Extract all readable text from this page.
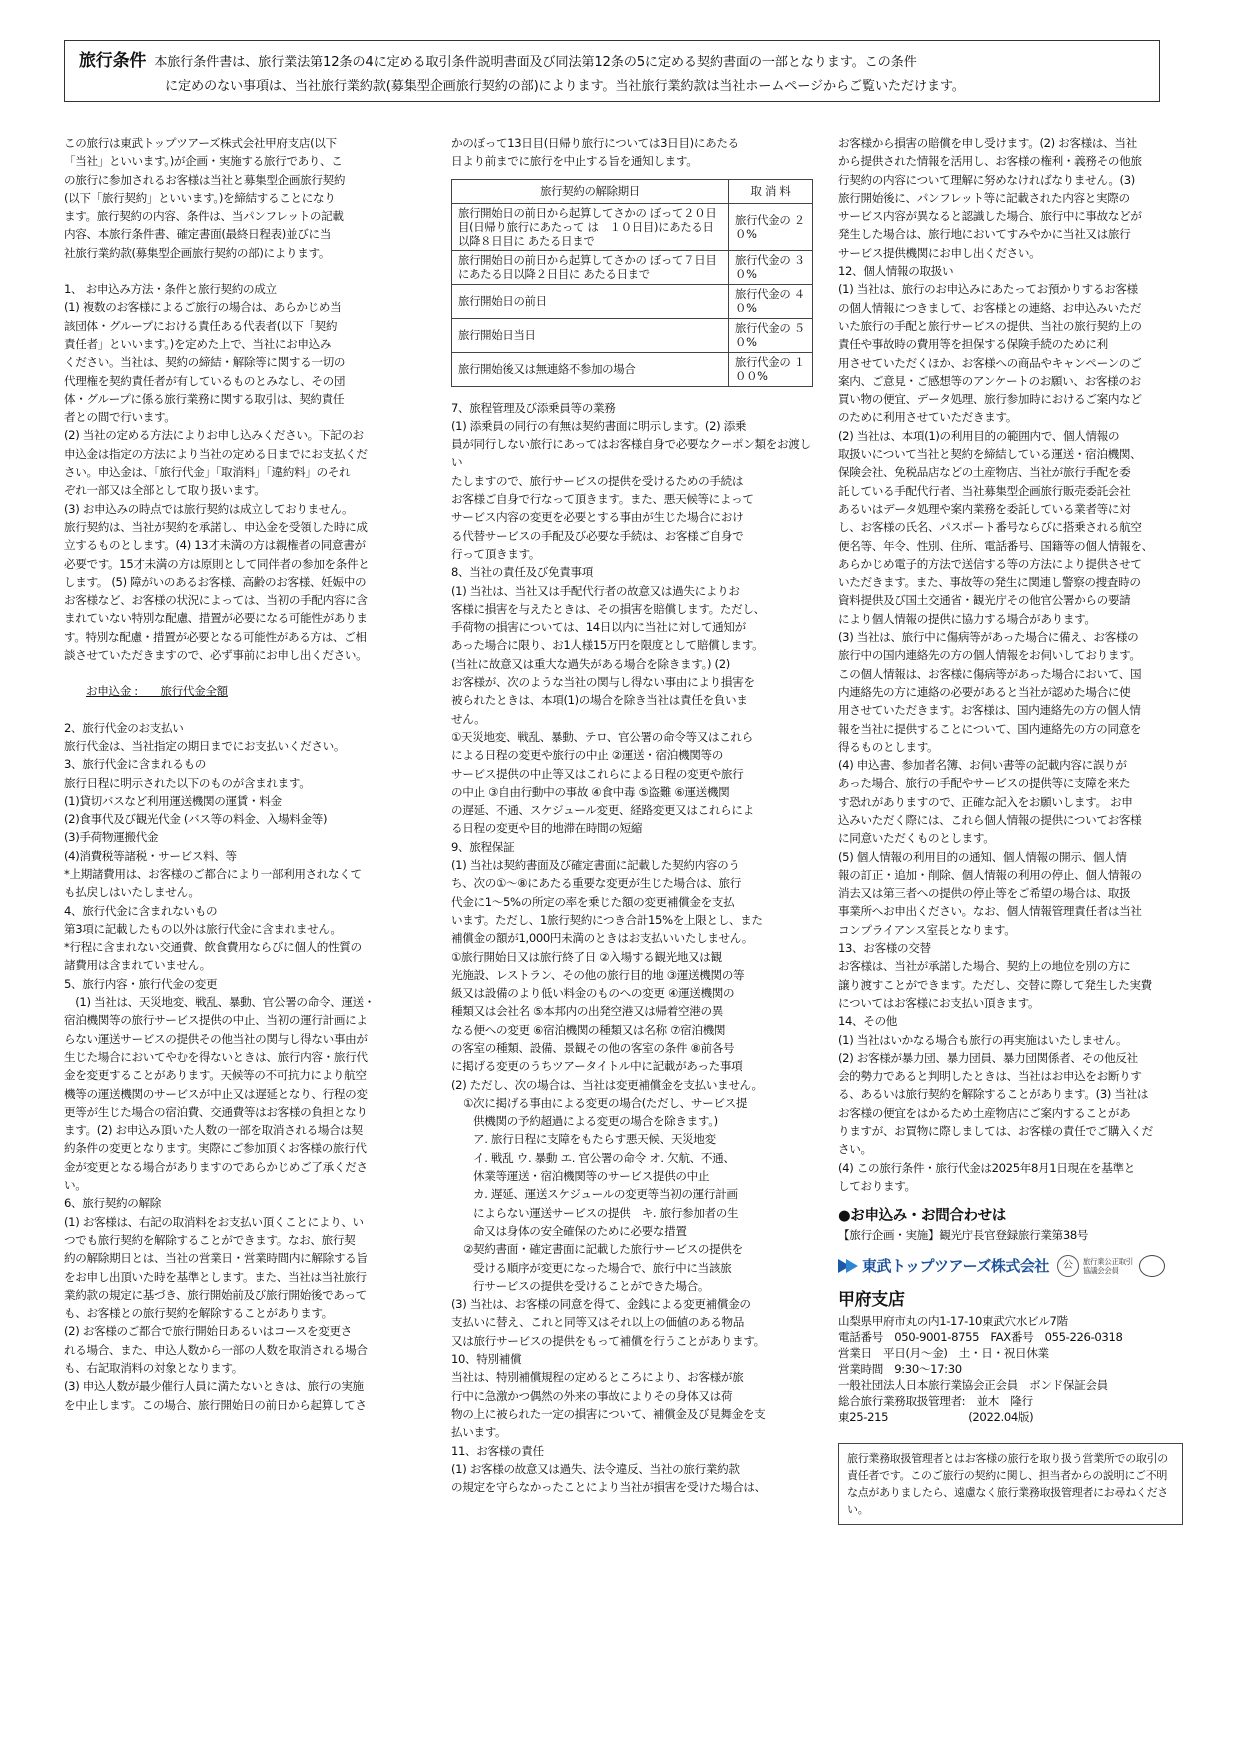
旅行条件 本旅行条件書は、旅行業法第12条の4に定める取引条件説明書面及び同法第12条の5に定める契約書面の一部となります。この条件
に定めのない事項は、当社旅行業約款(募集型企画旅行契約の部)によります。当社旅行業約款は当社ホームページからご覧いただけます。

この旅行は東武トップツアーズ株式会社甲府支店(以下

「当社」といいます。)が企画・実施する旅行であり、こ

の旅行に参加されるお客様は当社と募集型企画旅行契約

(以下「旅行契約」といいます。)を締結することになり

ます。旅行契約の内容、条件は、当パンフレットの記載

内容、本旅行条件書、確定書面(最終日程表)並びに当

社旅行業約款(募集型企画旅行契約の部)によります。

1、 お申込み方法・条件と旅行契約の成立

(1) 複数のお客様によるご旅行の場合は、あらかじめ当

該団体・グループにおける責任ある代表者(以下「契約

責任者」といいます。)を定めた上で、当社にお申込み

ください。当社は、契約の締結・解除等に関する一切の

代理権を契約責任者が有しているものとみなし、その団

体・グループに係る旅行業務に関する取引は、契約責任

者との間で行います。

(2) 当社の定める方法によりお申し込みください。下記のお

申込金は指定の方法により当社の定める日までにお支払くだ

さい。申込金は、「旅行代金」「取消料」「違約料」のそれ

ぞれ一部又は全部として取り扱います。

(3) お申込みの時点では旅行契約は成立しておりません。

旅行契約は、当社が契約を承諾し、申込金を受領した時に成

立するものとします。(4) 13才未満の方は親権者の同意書が

必要です。15才未満の方は原則として同伴者の参加を条件と

します。 (5) 障がいのあるお客様、高齢のお客様、妊娠中の

お客様など、お客様の状況によっては、当初の手配内容に含

まれていない特別な配慮、措置が必要になる可能性がありま

す。特別な配慮・措置が必要となる可能性がある方は、ご相

談させていただきますので、必ず事前にお申し出ください。

お申込金 :　　旅行代金全額

2、旅行代金のお支払い

旅行代金は、当社指定の期日までにお支払いください。

3、旅行代金に含まれるもの

旅行日程に明示された以下のものが含まれます。

(1)貸切バスなど利用運送機関の運賃・料金

(2)食事代及び観光代金 (バス等の料金、入場料金等)

(3)手荷物運搬代金

(4)消費税等諸税・サービス料、等

*上期諸費用は、お客様のご都合により一部利用されなくて

も払戻しはいたしません。

4、旅行代金に含まれないもの

第3項に記載したもの以外は旅行代金に含まれません。

*行程に含まれない交通費、飲食費用ならびに個人的性質の

諸費用は含まれていません。

5、旅行内容・旅行代金の変更

　(1) 当社は、天災地変、戦乱、暴動、官公署の命令、運送・

宿泊機関等の旅行サービス提供の中止、当初の運行計画によ

らない運送サービスの提供その他当社の関与し得ない事由が

生じた場合においてやむを得ないときは、旅行内容・旅行代

金を変更することがあります。天候等の不可抗力により航空

機等の運送機関のサービスが中止又は遅延となり、行程の変

更等が生じた場合の宿泊費、交通費等はお客様の負担となり

ます。(2) お申込み頂いた人数の一部を取消される場合は契

約条件の変更となります。実際にご参加頂くお客様の旅行代

金が変更となる場合がありますのであらかじめご了承くださ

い。

6、旅行契約の解除

(1) お客様は、右記の取消料をお支払い頂くことにより、い

つでも旅行契約を解除することができます。なお、旅行契

約の解除期日とは、当社の営業日・営業時間内に解除する旨

をお申し出頂いた時を基準とします。また、当社は当社旅行

業約款の規定に基づき、旅行開始前及び旅行開始後であって

も、お客様との旅行契約を解除することがあります。

(2) お客様のご都合で旅行開始日あるいはコースを変更さ

れる場合、また、申込人数から一部の人数を取消される場合

も、右記取消料の対象となります。

(3) 申込人数が最少催行人員に満たないときは、旅行の実施

を中止します。この場合、旅行開始日の前日から起算してさ

かのぼって13日目(日帰り旅行については3日目)にあたる

日より前までに旅行を中止する旨を通知します。

旅行契約の解除期日	取 消 料
旅行開始日の前日から起算してさかの ぼって２０日目(日帰り旅行にあたって は　１０日目)にあたる日以降８日目に あたる日まで	旅行代金の ２０%
旅行開始日の前日から起算してさかの ぼって７日目にあたる日以降２日目に あたる日まで	旅行代金の ３０%
旅行開始日の前日	旅行代金の ４０%
旅行開始日当日	旅行代金の ５０%
旅行開始後又は無連絡不参加の場合	旅行代金の １００%

7、旅程管理及び添乗員等の業務

(1) 添乗員の同行の有無は契約書面に明示します。(2) 添乗

員が同行しない旅行にあってはお客様自身で必要なクーポン類をお渡しい

たしますので、旅行サービスの提供を受けるための手続は

お客様ご自身で行なって頂きます。また、悪天候等によって

サービス内容の変更を必要とする事由が生じた場合におけ

る代替サービスの手配及び必要な手続は、お客様ご自身で

行って頂きます。

8、当社の責任及び免責事項

(1) 当社は、当社又は手配代行者の故意又は過失によりお

客様に損害を与えたときは、その損害を賠償します。ただし、

手荷物の損害については、14日以内に当社に対して通知が

あった場合に限り、お1人様15万円を限度として賠償します。

(当社に故意又は重大な過失がある場合を除きます。) (2)

お客様が、次のような当社の関与し得ない事由により損害を

被られたときは、本項(1)の場合を除き当社は責任を負いま

せん。

①天災地変、戦乱、暴動、テロ、官公署の命令等又はこれら

による日程の変更や旅行の中止 ②運送・宿泊機関等の

サービス提供の中止等又はこれらによる日程の変更や旅行

の中止 ③自由行動中の事故 ④食中毒 ⑤盗難 ⑥運送機関

の遅延、不通、スケジュール変更、経路変更又はこれらによ

る日程の変更や目的地滞在時間の短縮

9、旅程保証

(1) 当社は契約書面及び確定書面に記載した契約内容のう

ち、次の①～⑧にあたる重要な変更が生じた場合は、旅行

代金に1～5%の所定の率を乗じた額の変更補償金を支払

います。ただし、1旅行契約につき合計15%を上限とし、また

補償金の額が1,000円未満のときはお支払いいたしません。

①旅行開始日又は旅行終了日 ②入場する観光地又は観

光施設、レストラン、その他の旅行目的地 ③運送機関の等

級又は設備のより低い料金のものへの変更 ④運送機関の

種類又は会社名 ⑤本邦内の出発空港又は帰着空港の異

なる便への変更 ⑥宿泊機関の種類又は名称 ⑦宿泊機関

の客室の種類、設備、景観その他の客室の条件 ⑧前各号

に掲げる変更のうちツアータイトル中に記載があった事項

(2) ただし、次の場合は、当社は変更補償金を支払いません。

①次に掲げる事由による変更の場合(ただし、サービス提

供機関の予約超過による変更の場合を除きます。)

ア. 旅行日程に支障をもたらす悪天候、天災地変

イ. 戦乱 ウ. 暴動 エ. 官公署の命令 オ. 欠航、不通、

休業等運送・宿泊機関等のサービス提供の中止

カ. 遅延、運送スケジュールの変更等当初の運行計画

によらない運送サービスの提供　キ. 旅行参加者の生

命又は身体の安全確保のために必要な措置

②契約書面・確定書面に記載した旅行サービスの提供を

受ける順序が変更になった場合で、旅行中に当該旅

行サービスの提供を受けることができた場合。

(3) 当社は、お客様の同意を得て、金銭による変更補償金の

支払いに替え、これと同等又はそれ以上の価値のある物品

又は旅行サービスの提供をもって補償を行うことがあります。

10、特別補償

当社は、特別補償規程の定めるところにより、お客様が旅

行中に急激かつ偶然の外来の事故によりその身体又は荷

物の上に被られた一定の損害について、補償金及び見舞金を支

払います。

11、お客様の責任

(1) お客様の故意又は過失、法令違反、当社の旅行業約款

の規定を守らなかったことにより当社が損害を受けた場合は、

お客様から損害の賠償を申し受けます。(2) お客様は、当社

から提供された情報を活用し、お客様の権利・義務その他旅

行契約の内容について理解に努めなければなりません。(3)

旅行開始後に、パンフレット等に記載された内容と実際の

サービス内容が異なると認識した場合、旅行中に事故などが

発生した場合は、旅行地においてすみやかに当社又は旅行

サービス提供機関にお申し出ください。

12、個人情報の取扱い

(1) 当社は、旅行のお申込みにあたってお預かりするお客様

の個人情報につきまして、お客様との連絡、お申込みいただ

いた旅行の手配と旅行サービスの提供、当社の旅行契約上の

責任や事故時の費用等を担保する保険手続のために利

用させていただくほか、お客様への商品やキャンペーンのご

案内、ご意見・ご感想等のアンケートのお願い、お客様のお

買い物の便宜、データ処理、旅行参加時におけるご案内など

のために利用させていただきます。

(2) 当社は、本項(1)の利用目的の範囲内で、個人情報の

取扱いについて当社と契約を締結している運送・宿泊機関、

保険会社、免税品店などの土産物店、当社が旅行手配を委

託している手配代行者、当社募集型企画旅行販売委託会社

あるいはデータ処理や案内業務を委託している業者等に対

し、お客様の氏名、パスポート番号ならびに搭乗される航空

便名等、年令、性別、住所、電話番号、国籍等の個人情報を、

あらかじめ電子的方法で送信する等の方法により提供させて

いただきます。また、事故等の発生に関連し警察の捜査時の

資料提供及び国土交通省・観光庁その他官公署からの要請

により個人情報の提供に協力する場合があります。

(3) 当社は、旅行中に傷病等があった場合に備え、お客様の

旅行中の国内連絡先の方の個人情報をお伺いしております。

この個人情報は、お客様に傷病等があった場合において、国

内連絡先の方に連絡の必要があると当社が認めた場合に使

用させていただきます。お客様は、国内連絡先の方の個人情

報を当社に提供することについて、国内連絡先の方の同意を

得るものとします。

(4) 申込書、参加者名簿、お伺い書等の記載内容に誤りが

あった場合、旅行の手配やサービスの提供等に支障を来た

す恐れがありますので、正確な記入をお願いします。 お申

込みいただく際には、これら個人情報の提供についてお客様

に同意いただくものとします。

(5) 個人情報の利用目的の通知、個人情報の開示、個人情

報の訂正・追加・削除、個人情報の利用の停止、個人情報の

消去又は第三者への提供の停止等をご希望の場合は、取扱

事業所へお申出ください。なお、個人情報管理責任者は当社

コンプライアンス室長となります。

13、お客様の交替

お客様は、当社が承諾した場合、契約上の地位を別の方に

譲り渡すことができます。ただし、交替に際して発生した実費

についてはお客様にお支払い頂きます。

14、その他

(1) 当社はいかなる場合も旅行の再実施はいたしません。

(2) お客様が暴力団、暴力団員、暴力団関係者、その他反社

会的勢力であると判明したときは、当社はお申込をお断りす

る、あるいは旅行契約を解除することがあります。(3) 当社は

お客様の便宜をはかるため土産物店にご案内することがあ

りますが、お買物に際しましては、お客様の責任でご購入くだ

さい。

(4) この旅行条件・旅行代金は2025年8月1日現在を基準と

しております。

●お申込み・お問合わせは
【旅行企画・実施】観光庁長官登録旅行業第38号
東武トップツアーズ株式会社	公	旅行業公正取引
協議会会員
甲府支店
山梨県甲府市丸の内1-17-10東武穴水ビル7階
電話番号　050-9001-8755　FAX番号　055-226-0318
営業日　平日(月～金)　土・日・祝日休業
営業時間　9:30～17:30
一般社団法人日本旅行業協会正会員　ボンド保証会員
総合旅行業務取扱管理者:　並木　隆行
東25-215	(2022.04版)
旅行業務取扱管理者とはお客様の旅行を取り扱う営業所での取引の責任者です。このご旅行の契約に関し、担当者からの説明にご不明な点がありましたら、遠慮なく旅行業務取扱管理者にお尋ねください。
